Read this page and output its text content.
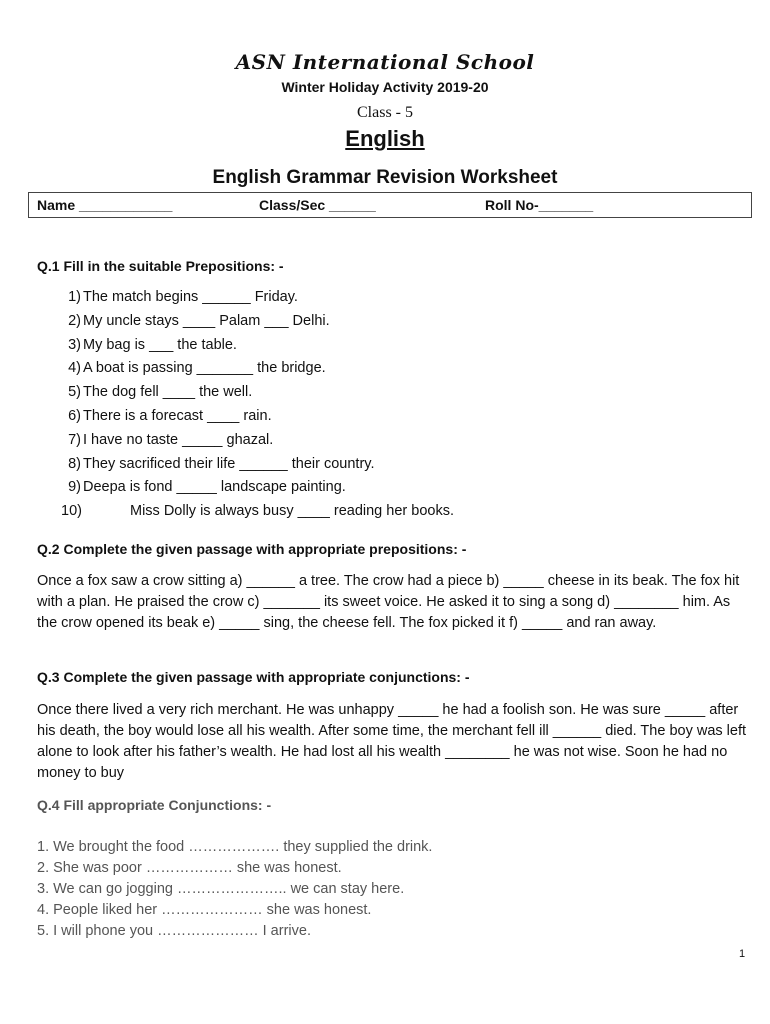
ASN International School
Winter Holiday Activity 2019-20
Class - 5
English
English Grammar Revision Worksheet
Name ____________	Class/Sec ______	Roll No-_______
Q.1 Fill in the suitable Prepositions: -
1) The match begins ______ Friday.
2) My uncle stays ____ Palam ___ Delhi.
3) My bag is ___ the table.
4) A boat is passing _______ the bridge.
5) The dog fell ____ the well.
6) There is a forecast ____ rain.
7) I have no taste _____ ghazal.
8) They sacrificed their life ______ their country.
9) Deepa is fond _____ landscape painting.
10)	Miss Dolly is always busy ____ reading her books.
Q.2 Complete the given passage with appropriate prepositions: -
Once a fox saw a crow sitting a) ______ a tree. The crow had a piece b) _____ cheese in its beak. The fox hit with a plan. He praised the crow c) _______ its sweet voice. He asked it to sing a song d) ________ him. As the crow opened its beak e) _____ sing, the cheese fell. The fox picked it f) _____ and ran away.
Q.3 Complete the given passage with appropriate conjunctions: -
Once there lived a very rich merchant. He was unhappy _____ he had a foolish son. He was sure _____ after his death, the boy would lose all his wealth. After some time, the merchant fell ill ______ died. The boy was left alone to look after his father’s wealth. He had lost all his wealth ________ he was not wise. Soon he had no money to buy
Q.4 Fill appropriate Conjunctions: -
1. We brought the food ………………. they supplied the drink.
2. She was poor ……………… she was honest.
3. We can go jogging ………………….. we can stay here.
4. People liked her ………………… she was honest.
5. I will phone you ………………… I arrive.
1
